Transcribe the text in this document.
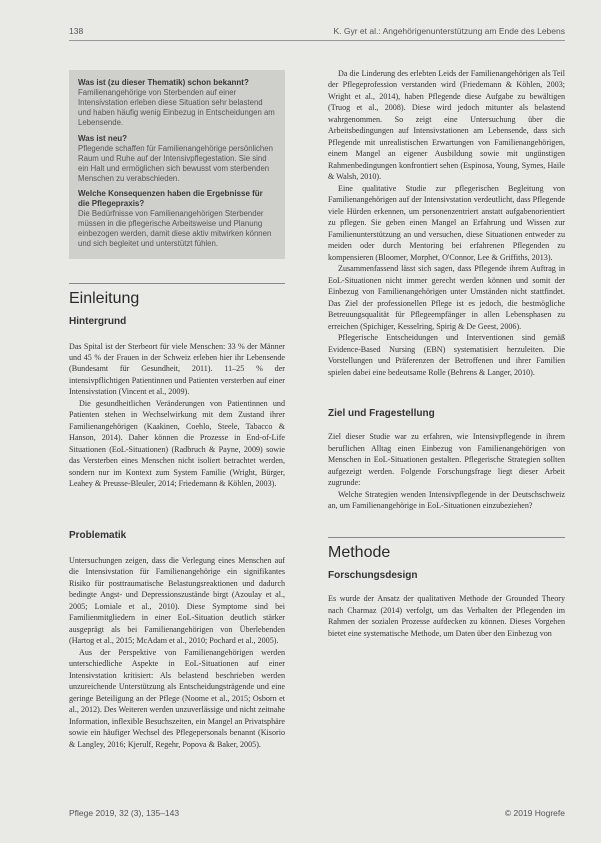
138	K. Gyr et al.: Angehörigenunterstützung am Ende des Lebens
Was ist (zu dieser Thematik) schon bekannt?
Familienangehörige von Sterbenden auf einer Intensivstation erleben diese Situation sehr belastend und haben häufig wenig Einbezug in Entscheidungen am Lebensende.
Was ist neu?
Pflegende schaffen für Familienangehörige persönlichen Raum und Ruhe auf der Intensivpflegestation. Sie sind ein Halt und ermöglichen sich bewusst vom sterbenden Menschen zu verabschieden.
Welche Konsequenzen haben die Ergebnisse für die Pflegepraxis?
Die Bedürfnisse von Familienangehörigen Sterbender müssen in die pflegerische Arbeitsweise und Planung einbezogen werden, damit diese aktiv mitwirken können und sich begleitet und unterstützt fühlen.
Einleitung
Hintergrund

Das Spital ist der Sterbeort für viele Menschen: 33 % der Männer und 45 % der Frauen in der Schweiz erleben hier ihr Lebensende (Bundesamt für Gesundheit, 2011). 11–25 % der intensivpflichtigen Patientinnen und Patienten versterben auf einer Intensivstation (Vincent et al., 2009).

Die gesundheitlichen Veränderungen von Patientinnen und Patienten stehen in Wechselwirkung mit dem Zustand ihrer Familienangehörigen (Kaakinen, Coehlo, Steele, Tabacco & Hanson, 2014). Daher können die Prozesse in End-of-Life Situationen (EoL-Situationen) (Radbruch & Payne, 2009) sowie das Versterben eines Menschen nicht isoliert betrachtet werden, sondern nur im Kontext zum System Familie (Wright, Bürger, Leahey & Preusse-Bleuler, 2014; Friedemann & Köhlen, 2003).

Problematik

Untersuchungen zeigen, dass die Verlegung eines Menschen auf die Intensivstation für Familienangehörige ein signifikantes Risiko für posttraumatische Belastungsreaktionen und dadurch bedingte Angst- und Depressionszustände birgt (Azoulay et al., 2005; Lomiale et al., 2010). Diese Symptome sind bei Familienmitgliedern in einer EoL-Situation deutlich stärker ausgeprägt als bei Familienangehörigen von Überlebenden (Hartog et al., 2015; McAdam et al., 2010; Pochard et al., 2005).

Aus der Perspektive von Familienangehörigen werden unterschiedliche Aspekte in EoL-Situationen auf einer Intensivstation kritisiert: Als belastend beschrieben werden unzureichende Unterstützung als Entscheidungsträgende und eine geringe Beteiligung an der Pflege (Noome et al., 2015; Osborn et al., 2012). Des Weiteren werden unzuverlässige und nicht zeitnahe Information, inflexible Besuchszeiten, ein Mangel an Privatsphäre sowie ein häufiger Wechsel des Pflegepersonals benannt (Kisorio & Langley, 2016; Kjerulf, Regehr, Popova & Baker, 2005).

Da die Linderung des erlebten Leids der Familienangehörigen als Teil der Pflegeprofession verstanden wird (Friedemann & Köhlen, 2003; Wright et al., 2014), haben Pflegende diese Aufgabe zu bewältigen (Truog et al., 2008). Diese wird jedoch mitunter als belastend wahrgenommen. So zeigt eine Untersuchung über die Arbeitsbedingungen auf Intensivstationen am Lebensende, dass sich Pflegende mit unrealistischen Erwartungen von Familienangehörigen, einem Mangel an eigener Ausbildung sowie mit ungünstigen Rahmenbedingungen konfrontiert sehen (Espinosa, Young, Symes, Haile & Walsh, 2010).

Eine qualitative Studie zur pflegerischen Begleitung von Familienangehörigen auf der Intensivstation verdeutlicht, dass Pflegende viele Hürden erkennen, um personenzentriert anstatt aufgabenorientiert zu pflegen. Sie geben einen Mangel an Erfahrung und Wissen zur Familienunterstützung an und versuchen, diese Situationen entweder zu meiden oder durch Mentoring bei erfahrenen Pflegenden zu kompensieren (Bloomer, Morphet, O'Connor, Lee & Griffiths, 2013).

Zusammenfassend lässt sich sagen, dass Pflegende ihrem Auftrag in EoL-Situationen nicht immer gerecht werden können und somit der Einbezug von Familienangehörigen unter Umständen nicht stattfindet. Das Ziel der professionellen Pflege ist es jedoch, die bestmögliche Betreuungsqualität für Pflegeempfänger in allen Lebensphasen zu erreichen (Spichiger, Kesselring, Spirig & De Geest, 2006).

Pflegerische Entscheidungen und Interventionen sind gemäß Evidence-Based Nursing (EBN) systematisiert herzuleiten. Die Vorstellungen und Präferenzen der Betroffenen und ihrer Familien spielen dabei eine bedeutsame Rolle (Behrens & Langer, 2010).

Ziel und Fragestellung

Ziel dieser Studie war zu erfahren, wie Intensivpflegende in ihrem beruflichen Alltag einen Einbezug von Familienangehörigen von Menschen in EoL-Situationen gestalten. Pflegerische Strategien sollten aufgezeigt werden. Folgende Forschungsfrage liegt dieser Arbeit zugrunde:

Welche Strategien wenden Intensivpflegende in der Deutschschweiz an, um Familienangehörige in EoL-Situationen einzubeziehen?

Methode
Forschungsdesign

Es wurde der Ansatz der qualitativen Methode der Grounded Theory nach Charmaz (2014) verfolgt, um das Verhalten der Pflegenden im Rahmen der sozialen Prozesse aufdecken zu können. Dieses Vorgehen bietet eine systematische Methode, um Daten über den Einbezug von

Pflege 2019, 32 (3), 135–143	© 2019 Hogrefe
